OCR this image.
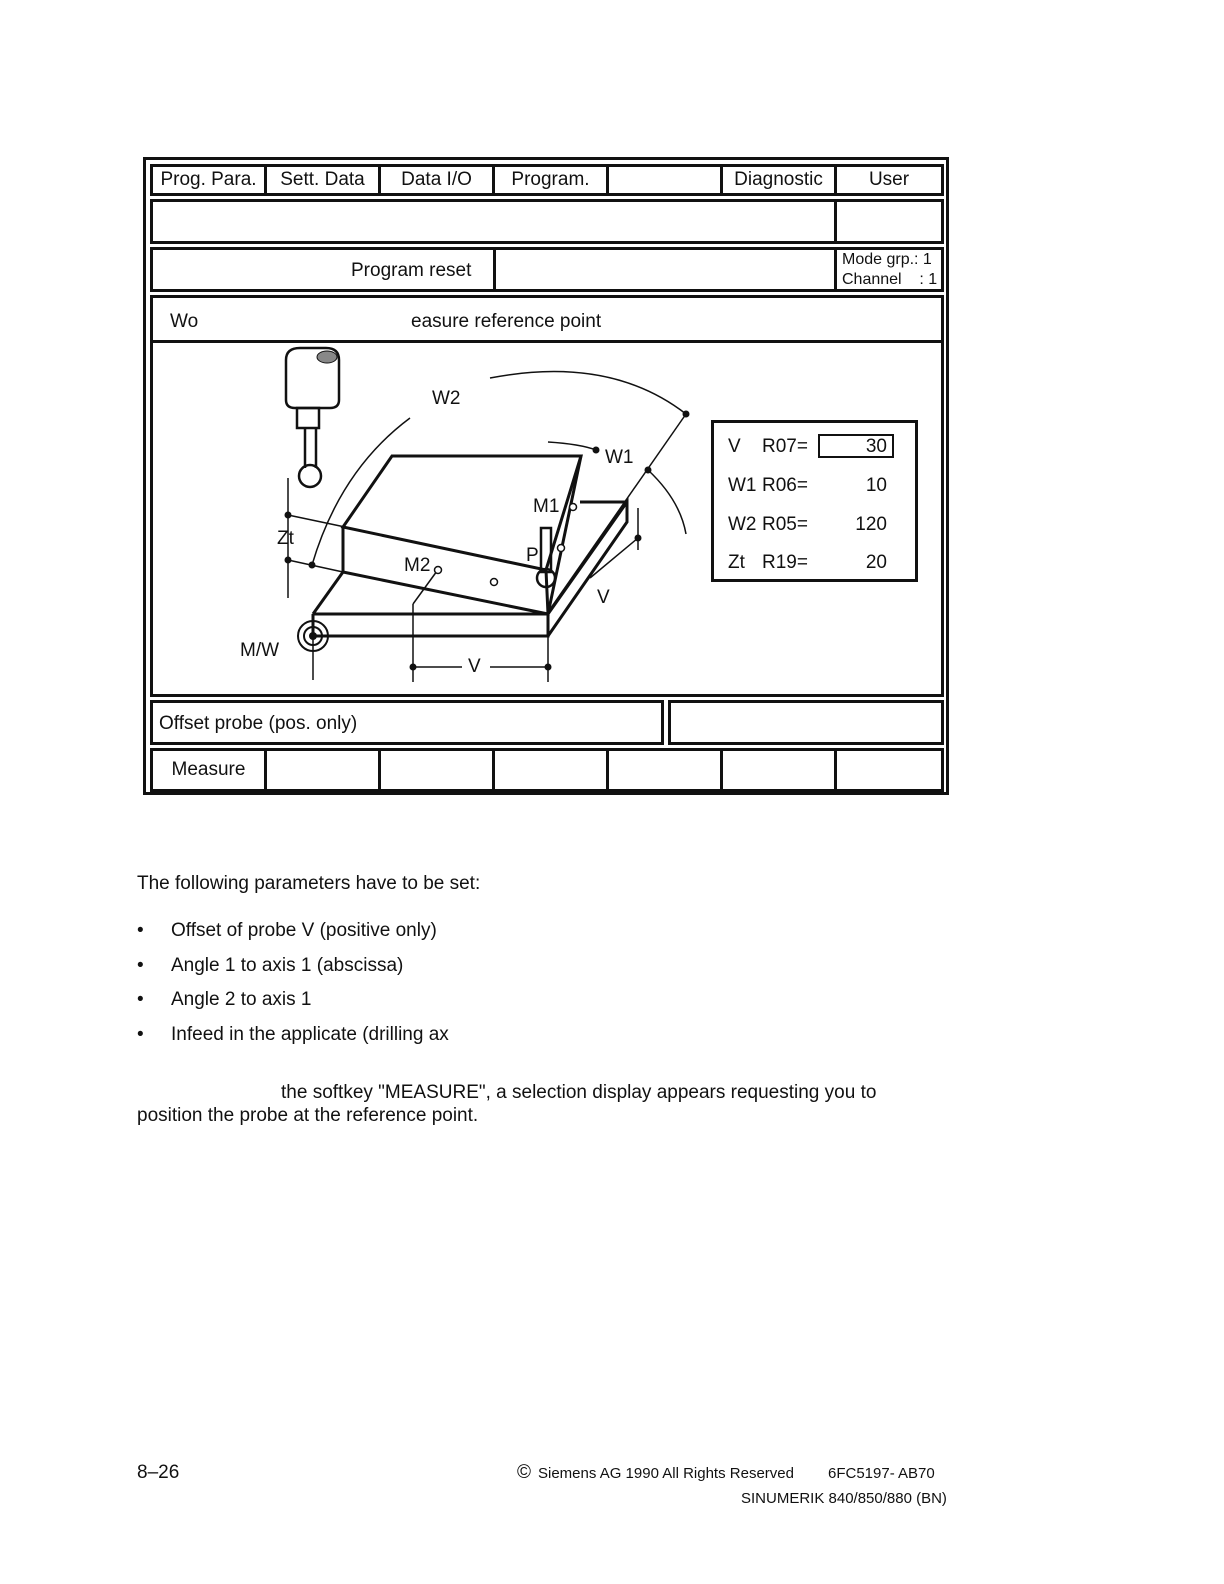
Prog. Para.	Sett. Data	Data I/O	Program.	Diagnostic	User
Program reset
Mode grp.: 1
Channel    : 1
Wo	easure reference point
Offset probe (pos. only)
Measure
W2
W1
M1
P
M2
Zt
M/W
V
V
V R07=	30
W1 R06=	10
W2 R05= 120
Zt R19=	20
The following parameters have to be set:
• Offset of probe V (positive only)
• Angle 1 to axis 1 (abscissa)
• Angle 2 to axis 1
• Infeed in the applicate (drilling ax
the softkey "MEASURE", a selection display appears requesting you to
position the probe at the reference point.
8–26	© Siemens AG 1990 All Rights Reserved 6FC5197- AB70
SINUMERIK 840/850/880 (BN)
